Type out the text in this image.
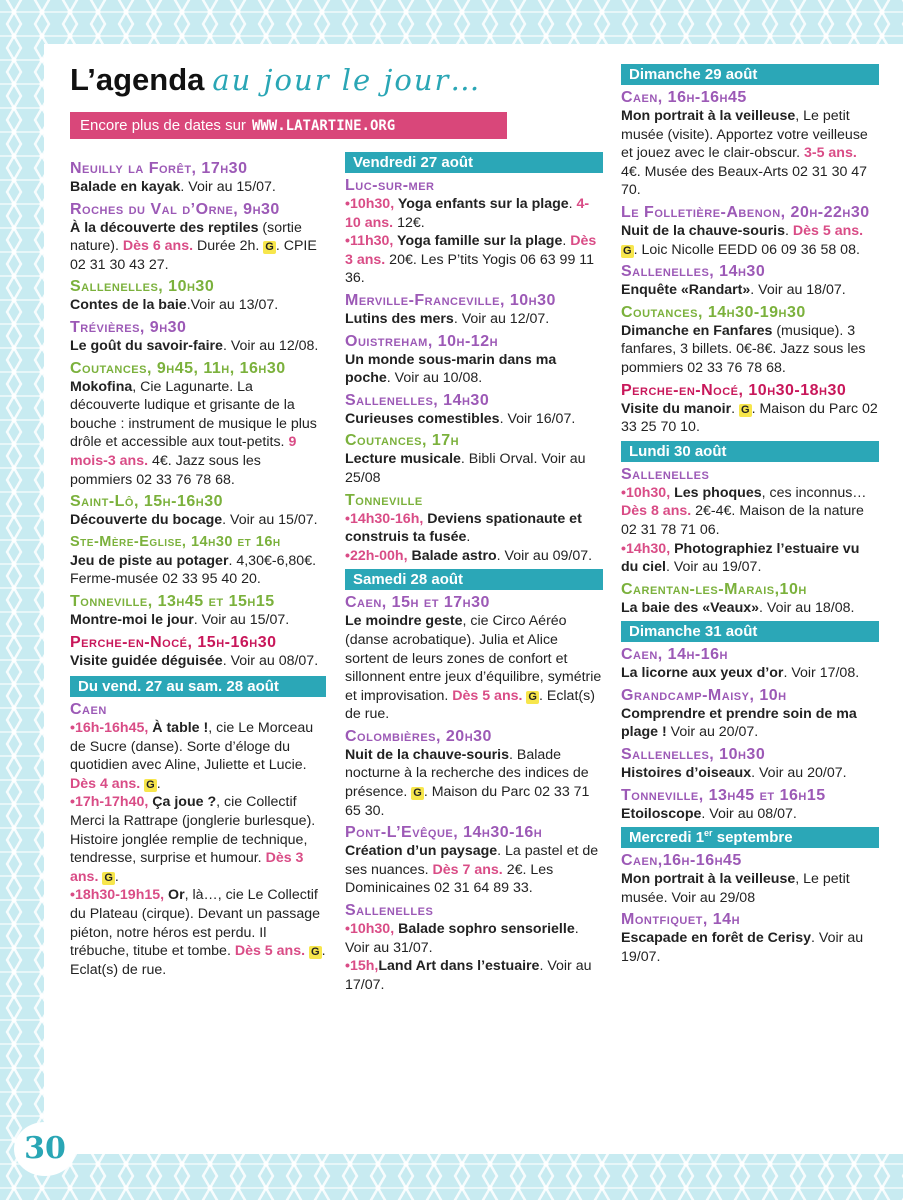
L’agenda au jour le jour…
Encore plus de dates sur WWW.LATARTINE.ORG
Neuilly la Forêt, 17h30
Balade en kayak. Voir au 15/07.
Roches du Val d’Orne, 9h30
À la découverte des reptiles (sortie nature). Dès 6 ans. Durée 2h. G . CPIE 02 31 30 43 27.
Sallenelles, 10h30
Contes de la baie.Voir au 13/07.
Trévières, 9h30
Le goût du savoir-faire. Voir au 12/08.
Coutances, 9h45, 11h, 16h30
Mokofina, Cie Lagunarte. La découverte ludique et grisante de la bouche : instrument de musique le plus drôle et accessible aux tout-petits. 9 mois-3 ans. 4€. Jazz sous les pommiers 02 33 76 78 68.
Saint-Lô, 15h-16h30
Découverte du bocage. Voir au 15/07.
Ste-Mère-Eglise, 14h30 et 16h
Jeu de piste au potager. 4,30€-6,80€. Ferme-musée 02 33 95 40 20.
Tonneville, 13h45 et 15h15
Montre-moi le jour. Voir au 15/07.
Perche-en-Nocé, 15h-16h30
Visite guidée déguisée. Voir au 08/07.
Du vend. 27 au sam. 28 août
Caen
•16h-16h45, À table !, cie Le Morceau de Sucre (danse). Sorte d’éloge du quotidien avec Aline, Juliette et Lucie. Dès 4 ans. G .
•17h-17h40, Ça joue ?, cie Collectif Merci la Rattrape (jonglerie burlesque). Histoire jonglée remplie de technique, tendresse, surprise et humour. Dès 3 ans. G .
•18h30-19h15, Or, là…, cie Le Collectif du Plateau (cirque). Devant un passage piéton, notre héros est perdu. Il trébuche, titube et tombe. Dès 5 ans. G . Eclat(s) de rue.
Vendredi 27 août
Luc-sur-mer
•10h30, Yoga enfants sur la plage. 4-10 ans. 12€.
•11h30, Yoga famille sur la plage. Dès 3 ans. 20€. Les P’tits Yogis 06 63 99 11 36.
Merville-Franceville, 10h30
Lutins des mers. Voir au 12/07.
Ouistreham, 10h-12h
Un monde sous-marin dans ma poche. Voir au 10/08.
Sallenelles, 14h30
Curieuses comestibles. Voir 16/07.
Coutances, 17h
Lecture musicale. Bibli Orval. Voir au 25/08
Tonneville
•14h30-16h, Deviens spationaute et construis ta fusée.
•22h-00h, Balade astro. Voir au 09/07.
Samedi 28 août
Caen, 15h et 17h30
Le moindre geste, cie Circo Aéréo (danse acrobatique). Julia et Alice sortent de leurs zones de confort et sillonnent entre jeux d’équilibre, symétrie et improvisation. Dès 5 ans. G . Eclat(s) de rue.
Colombières, 20h30
Nuit de la chauve-souris. Balade nocturne à la recherche des indices de présence. G . Maison du Parc 02 33 71 65 30.
Pont-L’Evêque, 14h30-16h
Création d’un paysage. La pastel et de ses nuances. Dès 7 ans. 2€. Les Dominicaines 02 31 64 89 33.
Sallenelles
•10h30, Balade sophro sensorielle. Voir au 31/07.
•15h,Land Art dans l’estuaire. Voir au 17/07.
Dimanche 29 août
Caen, 16h-16h45
Mon portrait à la veilleuse, Le petit musée (visite). Apportez votre veilleuse et jouez avec le clair-obscur. 3-5 ans. 4€. Musée des Beaux-Arts 02 31 30 47 70.
Le Folletière-Abenon, 20h-22h30
Nuit de la chauve-souris. Dès 5 ans. G . Loic Nicolle EEDD 06 09 36 58 08.
Sallenelles, 14h30
Enquête «Randart». Voir au 18/07.
Coutances, 14h30-19h30
Dimanche en Fanfares (musique). 3 fanfares, 3 billets. 0€-8€. Jazz sous les pommiers 02 33 76 78 68.
Perche-en-Nocé, 10h30-18h30
Visite du manoir. G . Maison du Parc 02 33 25 70 10.
Lundi 30 août
Sallenelles
•10h30, Les phoques, ces inconnus… Dès 8 ans. 2€-4€. Maison de la nature 02 31 78 71 06.
•14h30, Photographiez l’estuaire vu du ciel. Voir au 19/07.
Carentan-les-Marais,10h
La baie des «Veaux». Voir au 18/08.
Dimanche 31 août
Caen, 14h-16h
La licorne aux yeux d’or. Voir 17/08.
Grandcamp-Maisy, 10h
Comprendre et prendre soin de ma plage ! Voir au 20/07.
Sallenelles, 10h30
Histoires d’oiseaux. Voir au 20/07.
Tonneville, 13h45 et 16h15
Etoiloscope. Voir au 08/07.
Mercredi 1er septembre
Caen,16h-16h45
Mon portrait à la veilleuse, Le petit musée. Voir au 29/08
Montfiquet, 14h
Escapade en forêt de Cerisy. Voir au 19/07.
30
